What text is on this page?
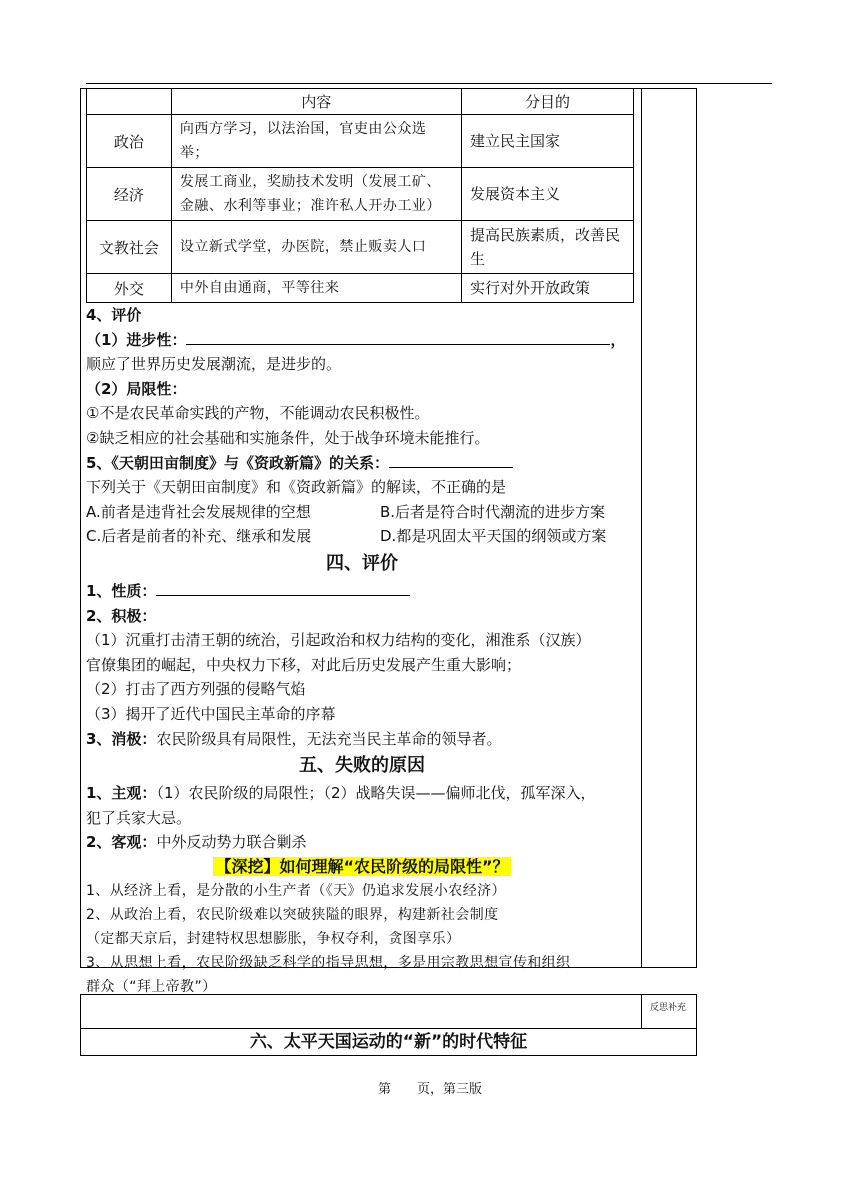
	内容	分目的
政治	向西方学习，以法治国，官吏由公众选举；	建立民主国家
经济	发展工商业，奖励技术发明（发展工矿、金融、水利等事业；准许私人开办工业）	发展资本主义
文教社会	设立新式学堂，办医院，禁止贩卖人口	提高民族素质，改善民生
外交	中外自由通商，平等往来	实行对外开放政策
4、评价
（1）进步性：	，
顺应了世界历史发展潮流，是进步的。
（2）局限性：
①不是农民革命实践的产物，不能调动农民积极性。
②缺乏相应的社会基础和实施条件，处于战争环境未能推行。
5、《天朝田亩制度》与《资政新篇》的关系：
下列关于《天朝田亩制度》和《资政新篇》的解读，不正确的是
A.前者是违背社会发展规律的空想	B.后者是符合时代潮流的进步方案
C.后者是前者的补充、继承和发展	D.都是巩固太平天国的纲领或方案
四、评价
1、性质：
2、积极：
（1）沉重打击清王朝的统治，引起政治和权力结构的变化，湘淮系（汉族）
官僚集团的崛起，中央权力下移，对此后历史发展产生重大影响；
（2）打击了西方列强的侵略气焰
（3）揭开了近代中国民主革命的序幕
3、消极：农民阶级具有局限性，无法充当民主革命的领导者。
五、失败的原因
1、主观：（1）农民阶级的局限性；（2）战略失误——偏师北伐，孤军深入，
犯了兵家大忌。
2、客观：中外反动势力联合剿杀
【深挖】如何理解“农民阶级的局限性”？
1、从经济上看，是分散的小生产者（《天》仍追求发展小农经济）
2、从政治上看，农民阶级难以突破狭隘的眼界，构建新社会制度
（定都天京后，封建特权思想膨胀，争权夺利，贪图享乐）
3、从思想上看，农民阶级缺乏科学的指导思想，多是用宗教思想宣传和组织
群众（“拜上帝教”）
反思补充
六、太平天国运动的“新”的时代特征
第　　页，第三版
